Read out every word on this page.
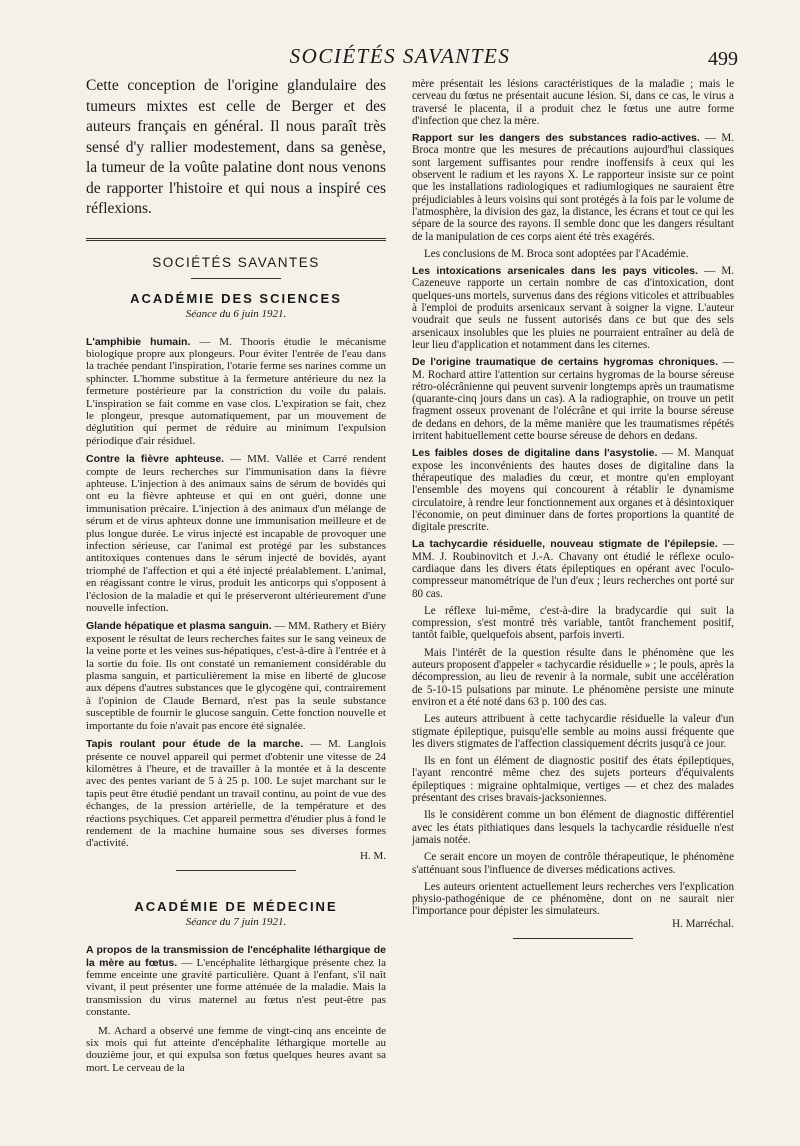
SOCIÉTÉS SAVANTES	499

Cette conception de l'origine glandulaire des tumeurs mixtes est celle de Berger et des auteurs français en général. Il nous paraît très sensé d'y rallier modestement, dans sa genèse, la tumeur de la voûte palatine dont nous venons de rapporter l'histoire et qui nous a inspiré ces réflexions.

SOCIÉTÉS SAVANTES
ACADÉMIE DES SCIENCES
Séance du 6 juin 1921.

L'amphibie humain. — M. Thooris étudie le mécanisme biologique propre aux plongeurs. Pour éviter l'entrée de l'eau dans la trachée pendant l'inspiration, l'otarie ferme ses narines comme un sphincter. L'homme substitue à la fermeture antérieure du nez la fermeture postérieure par la constriction du voile du palais. L'inspiration se fait comme en vase clos. L'expiration se fait, chez le plongeur, presque automatiquement, par un mouvement de déglutition qui permet de réduire au minimum l'expulsion périodique d'air résiduel.

Contre la fièvre aphteuse. — MM. Vallée et Carré rendent compte de leurs recherches sur l'immunisation dans la fièvre aphteuse. L'injection à des animaux sains de sérum de bovidés qui ont eu la fièvre aphteuse et qui en ont guéri, donne une immunisation précaire. L'injection à des animaux d'un mélange de sérum et de virus aphteux donne une immunisation meilleure et de plus longue durée. Le virus injecté est incapable de provoquer une infection sérieuse, car l'animal est protégé par les substances antitoxiques contenues dans le sérum injecté de bovidés, ayant triomphé de l'affection et qui a été injecté préalablement. L'animal, en réagissant contre le virus, produit les anticorps qui s'opposent à l'éclosion de la maladie et qui le préserveront ultérieurement d'une nouvelle infection.

Glande hépatique et plasma sanguin. — MM. Rathery et Biéry exposent le résultat de leurs recherches faites sur le sang veineux de la veine porte et les veines sus-hépatiques, c'est-à-dire à l'entrée et à la sortie du foie. Ils ont constaté un remaniement considérable du plasma sanguin, et particulièrement la mise en liberté de glucose aux dépens d'autres substances que le glycogène qui, contrairement à l'opinion de Claude Bernard, n'est pas la seule substance susceptible de fournir le glucose sanguin. Cette fonction nouvelle et importante du foie n'avait pas encore été signalée.

Tapis roulant pour étude de la marche. — M. Langlois présente ce nouvel appareil qui permet d'obtenir une vitesse de 24 kilomètres à l'heure, et de travailler à la montée et à la descente avec des pentes variant de 5 à 25 p. 100. Le sujet marchant sur le tapis peut être étudié pendant un travail continu, au point de vue des échanges, de la pression artérielle, de la température et des réactions psychiques. Cet appareil permettra d'étudier plus à fond le rendement de la machine humaine sous ses diverses formes d'activité.
H. M.

ACADÉMIE DE MÉDECINE
Séance du 7 juin 1921.

A propos de la transmission de l'encéphalite léthargique de la mère au fœtus. — L'encéphalite léthargique présente chez la femme enceinte une gravité particulière. Quant à l'enfant, s'il naît vivant, il peut présenter une forme atténuée de la maladie. Mais la transmission du virus maternel au fœtus n'est peut-être pas constante.

M. Achard a observé une femme de vingt-cinq ans enceinte de six mois qui fut atteinte d'encéphalite léthargique mortelle au douzième jour, et qui expulsa son fœtus quelques heures avant sa mort. Le cerveau de la

mère présentait les lésions caractéristiques de la maladie ; mais le cerveau du fœtus ne présentait aucune lésion. Si, dans ce cas, le virus a traversé le placenta, il a produit chez le fœtus une autre forme d'infection que chez la mère.

Rapport sur les dangers des substances radio-actives. — M. Broca montre que les mesures de précautions aujourd'hui classiques sont largement suffisantes pour rendre inoffensifs à ceux qui les observent le radium et les rayons X. Le rapporteur insiste sur ce point que les installations radiologiques et radiumlogiques ne sauraient être préjudiciables à leurs voisins qui sont protégés à la fois par le volume de l'atmosphère, la division des gaz, la distance, les écrans et tout ce qui les sépare de la source des rayons. Il semble donc que les dangers résultant de la manipulation de ces corps aient été très exagérés.

Les conclusions de M. Broca sont adoptées par l'Académie.

Les intoxications arsenicales dans les pays viticoles. — M. Cazeneuve rapporte un certain nombre de cas d'intoxication, dont quelques-uns mortels, survenus dans des régions viticoles et attribuables à l'emploi de produits arsenicaux servant à soigner la vigne. L'auteur voudrait que seuls ne fussent autorisés dans ce but que des sels arsenicaux insolubles que les pluies ne pourraient entraîner au delà de leur lieu d'application et notamment dans les citernes.

De l'origine traumatique de certains hygromas chroniques. — M. Rochard attire l'attention sur certains hygromas de la bourse séreuse rétro-olécrânienne qui peuvent survenir longtemps après un traumatisme (quarante-cinq jours dans un cas). A la radiographie, on trouve un petit fragment osseux provenant de l'olécrâne et qui irrite la bourse séreuse de dedans en dehors, de la même manière que les traumatismes répétés irritent habituellement cette bourse séreuse de dehors en dedans.

Les faibles doses de digitaline dans l'asystolie. — M. Manquat expose les inconvénients des hautes doses de digitaline dans la thérapeutique des maladies du cœur, et montre qu'en employant l'ensemble des moyens qui concourent à rétablir le dynamisme circulatoire, à rendre leur fonctionnement aux organes et à désintoxiquer l'économie, on peut diminuer dans de fortes proportions la quantité de digitale prescrite.

La tachycardie résiduelle, nouveau stigmate de l'épilepsie. — MM. J. Roubinovitch et J.-A. Chavany ont étudié le réflexe oculo-cardiaque dans les divers états épileptiques en opérant avec l'oculo-compresseur manométrique de l'un d'eux ; leurs recherches ont porté sur 80 cas.

Le réflexe lui-même, c'est-à-dire la bradycardie qui suit la compression, s'est montré très variable, tantôt franchement positif, tantôt faible, quelquefois absent, parfois inverti.

Mais l'intérêt de la question résulte dans le phénomène que les auteurs proposent d'appeler « tachycardie résiduelle » ; le pouls, après la décompression, au lieu de revenir à la normale, subit une accélération de 5-10-15 pulsations par minute. Le phénomène persiste une minute environ et a été noté dans 63 p. 100 des cas.

Les auteurs attribuent à cette tachycardie résiduelle la valeur d'un stigmate épileptique, puisqu'elle semble au moins aussi fréquente que les divers stigmates de l'affection classiquement décrits jusqu'à ce jour.

Ils en font un élément de diagnostic positif des états épileptiques, l'ayant rencontré même chez des sujets porteurs d'équivalents épileptiques : migraine ophtalmique, vertiges — et chez des malades présentant des crises bravais-jacksoniennes.

Ils le considèrent comme un bon élément de diagnostic différentiel avec les états pithiatiques dans lesquels la tachycardie résiduelle n'est jamais notée.

Ce serait encore un moyen de contrôle thérapeutique, le phénomène s'atténuant sous l'influence de diverses médications actives.

Les auteurs orientent actuellement leurs recherches vers l'explication physio-pathogénique de ce phénomène, dont on ne saurait nier l'importance pour dépister les simulateurs.
H. Marréchal.
